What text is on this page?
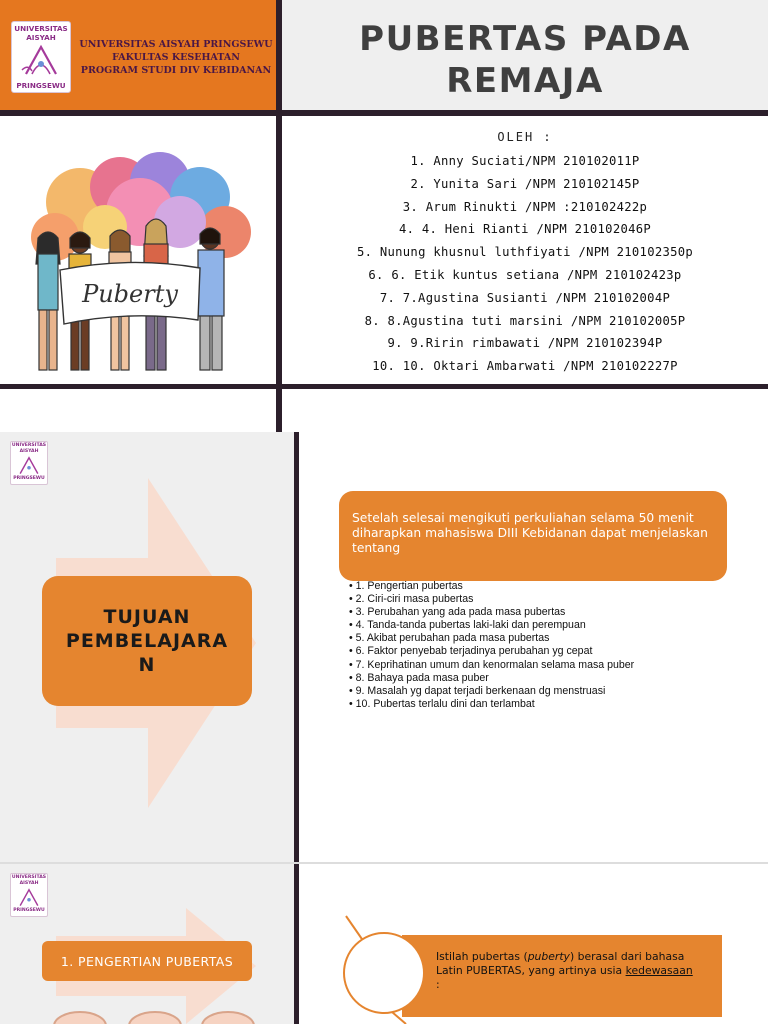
UNIVERSITAS
AISYAH
PRINGSEWU
UNIVERSITAS AISYAH PRINGSEWU
FAKULTAS KESEHATAN
PROGRAM STUDI DIV KEBIDANAN
PUBERTAS PADA
REMAJA
OLEH :
1. Anny Suciati/NPM 210102011P
2. Yunita Sari /NPM 210102145P
3. Arum Rinukti /NPM :210102422p
4. 4. Heni Rianti /NPM 210102046P
5. Nunung khusnul luthfiyati /NPM 210102350p
6. 6. Etik kuntus setiana /NPM 210102423p
7. 7.Agustina Susianti /NPM 210102004P
8. 8.Agustina tuti marsini /NPM 210102005P
9. 9.Ririn rimbawati /NPM 210102394P
10. 10. Oktari Ambarwati /NPM 210102227P
Puberty
UNIVERSITAS
AISYAH
PRINGSEWU
TUJUAN
PEMBELAJARA
N
Setelah selesai mengikuti perkuliahan selama 50 menit diharapkan mahasiswa DIII Kebidanan dapat menjelaskan tentang
• 1. Pengertian pubertas
• 2. Ciri-ciri masa pubertas
• 3. Perubahan yang ada pada masa pubertas
• 4. Tanda-tanda pubertas laki-laki dan perempuan
• 5. Akibat perubahan pada masa pubertas
• 6. Faktor penyebab terjadinya perubahan yg cepat
• 7. Keprihatinan umum dan kenormalan selama masa puber
• 8. Bahaya pada masa puber
• 9. Masalah yg dapat terjadi berkenaan dg menstruasi
• 10. Pubertas terlalu dini dan terlambat
UNIVERSITAS
AISYAH
PRINGSEWU
1. PENGERTIAN PUBERTAS	Istilah pubertas (puberty) berasal dari bahasa Latin PUBERTAS, yang artinya usia kedewasaan
:
